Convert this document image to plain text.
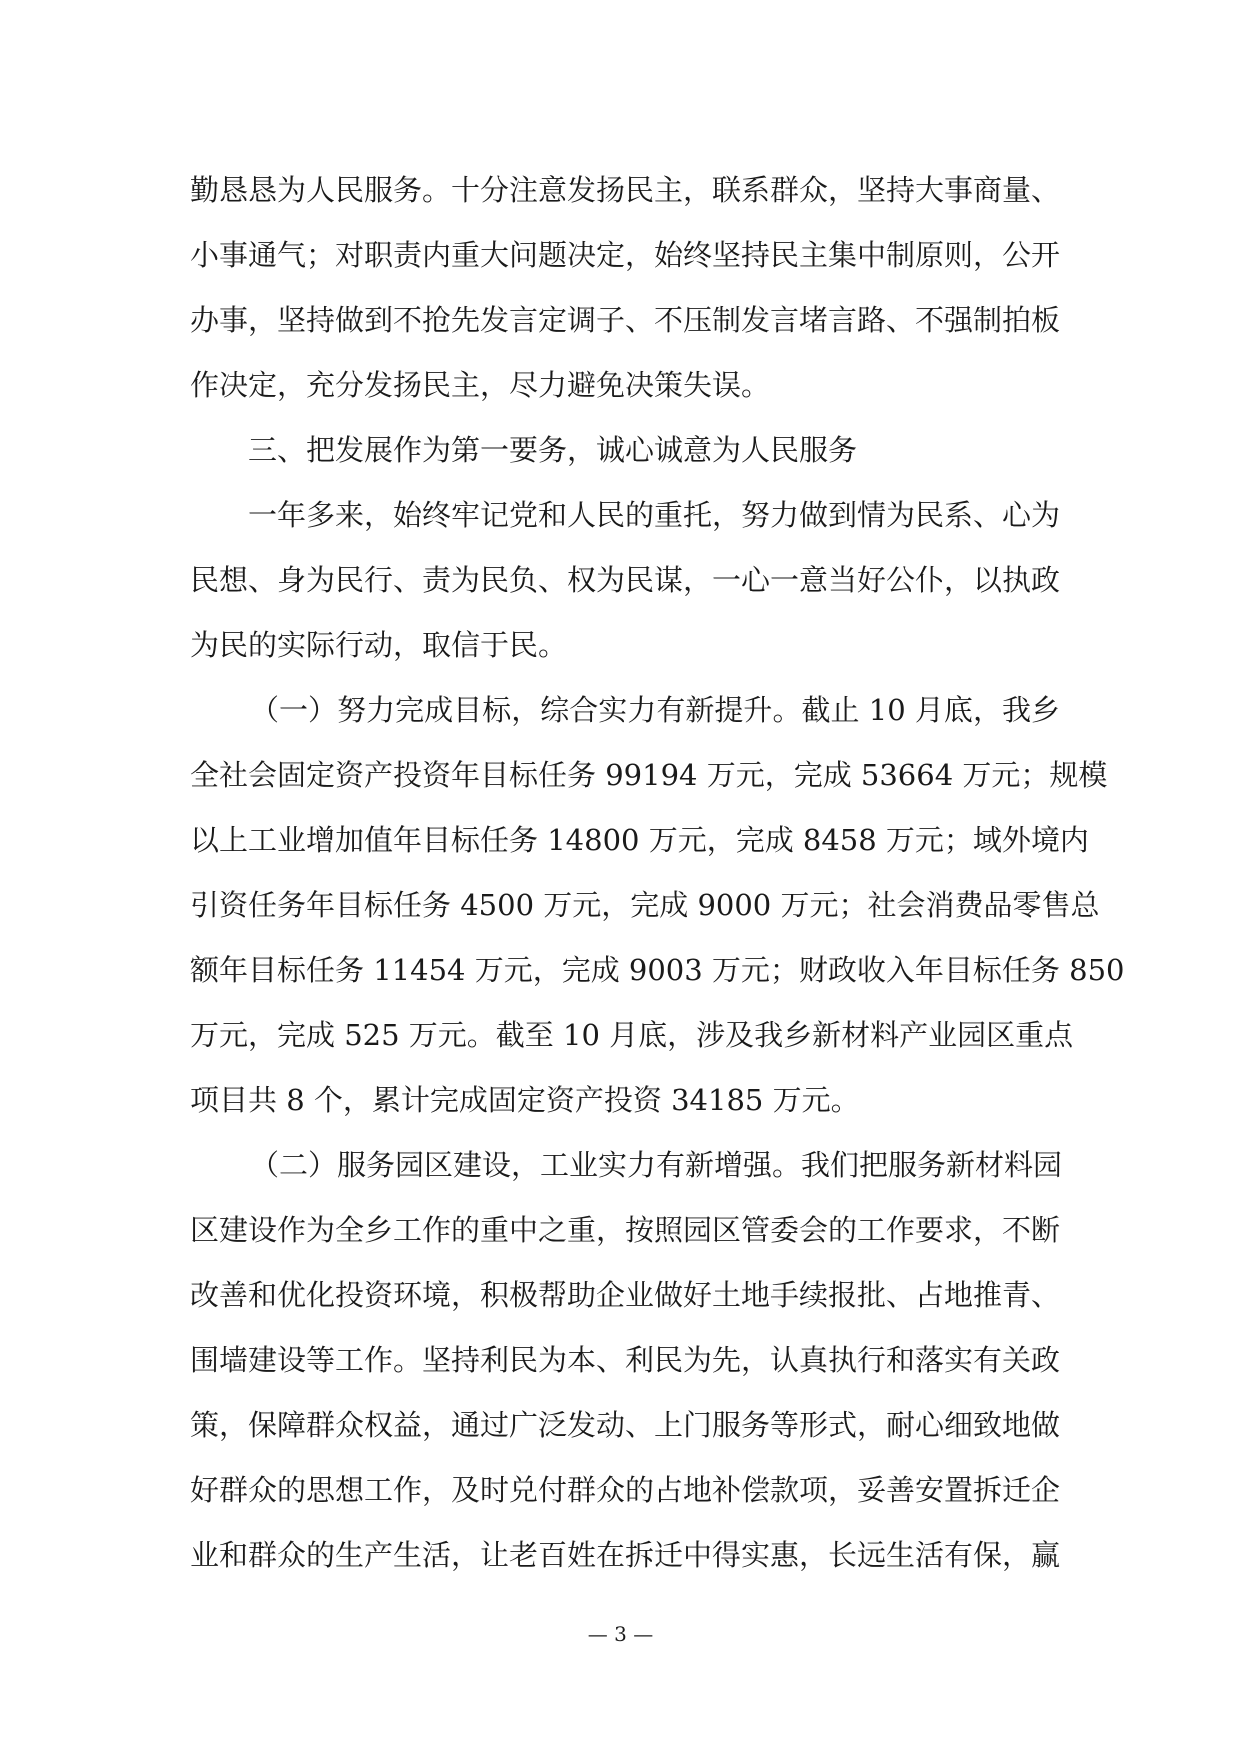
勤恳恳为人民服务。十分注意发扬民主，联系群众，坚持大事商量、
小事通气；对职责内重大问题决定，始终坚持民主集中制原则，公开
办事，坚持做到不抢先发言定调子、不压制发言堵言路、不强制拍板
作决定，充分发扬民主，尽力避免决策失误。
三、把发展作为第一要务，诚心诚意为人民服务
一年多来，始终牢记党和人民的重托，努力做到情为民系、心为
民想、身为民行、责为民负、权为民谋，一心一意当好公仆，以执政
为民的实际行动，取信于民。
（一）努力完成目标，综合实力有新提升。截止 10 月底，我乡
全社会固定资产投资年目标任务 99194 万元，完成 53664 万元；规模
以上工业增加值年目标任务 14800 万元，完成 8458 万元；域外境内
引资任务年目标任务 4500 万元，完成 9000 万元；社会消费品零售总
额年目标任务 11454 万元，完成 9003 万元；财政收入年目标任务 850
万元，完成 525 万元。截至 10 月底，涉及我乡新材料产业园区重点
项目共 8 个，累计完成固定资产投资 34185 万元。
（二）服务园区建设，工业实力有新增强。我们把服务新材料园
区建设作为全乡工作的重中之重，按照园区管委会的工作要求，不断
改善和优化投资环境，积极帮助企业做好土地手续报批、占地推青、
围墙建设等工作。坚持利民为本、利民为先，认真执行和落实有关政
策，保障群众权益，通过广泛发动、上门服务等形式，耐心细致地做
好群众的思想工作，及时兑付群众的占地补偿款项，妥善安置拆迁企
业和群众的生产生活，让老百姓在拆迁中得实惠，长远生活有保，赢
— 3 —
